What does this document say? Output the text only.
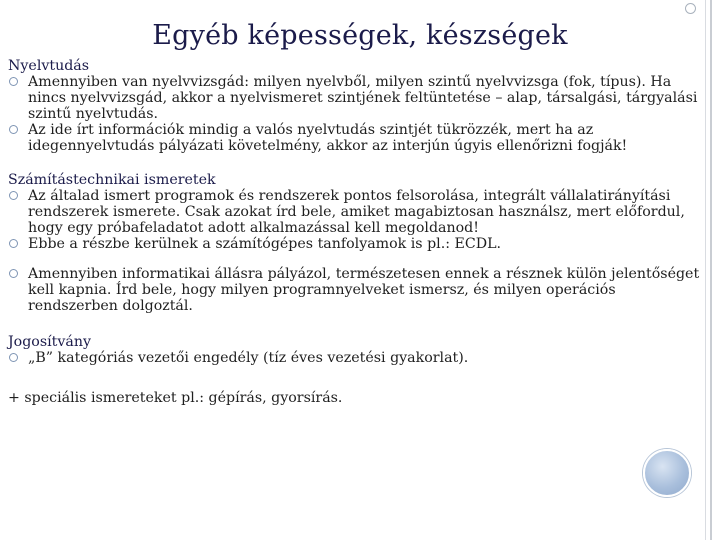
Egyéb képességek, készségek

Nyelvtudás

Amennyiben van nyelvvizsgád: milyen nyelvből, milyen szintű nyelvvizsga (fok, típus). Ha nincs nyelvvizsgád, akkor a nyelvismeret szintjének feltüntetése – alap, társalgási, tárgyalási szintű nyelvtudás.
Az ide írt információk mindig a valós nyelvtudás szintjét tükrözzék, mert ha az idegennyelvtudás pályázati követelmény, akkor az interjún úgyis ellenőrizni fogják!

Számítástechnikai ismeretek

Az általad ismert programok és rendszerek pontos felsorolása, integrált vállalatirányítási rendszerek ismerete. Csak azokat írd bele, amiket magabiztosan használsz, mert előfordul, hogy egy próbafeladatot adott alkalmazással kell megoldanod!
Ebbe a részbe kerülnek a számítógépes tanfolyamok is pl.: ECDL.
Amennyiben informatikai állásra pályázol, természetesen ennek a résznek külön jelentőséget kell kapnia. Írd bele, hogy milyen programnyelveket ismersz, és milyen operációs rendszerben dolgoztál.

Jogosítvány

„B” kategóriás vezetői engedély (tíz éves vezetési gyakorlat).

+ speciális ismereteket pl.: gépírás, gyorsírás.
